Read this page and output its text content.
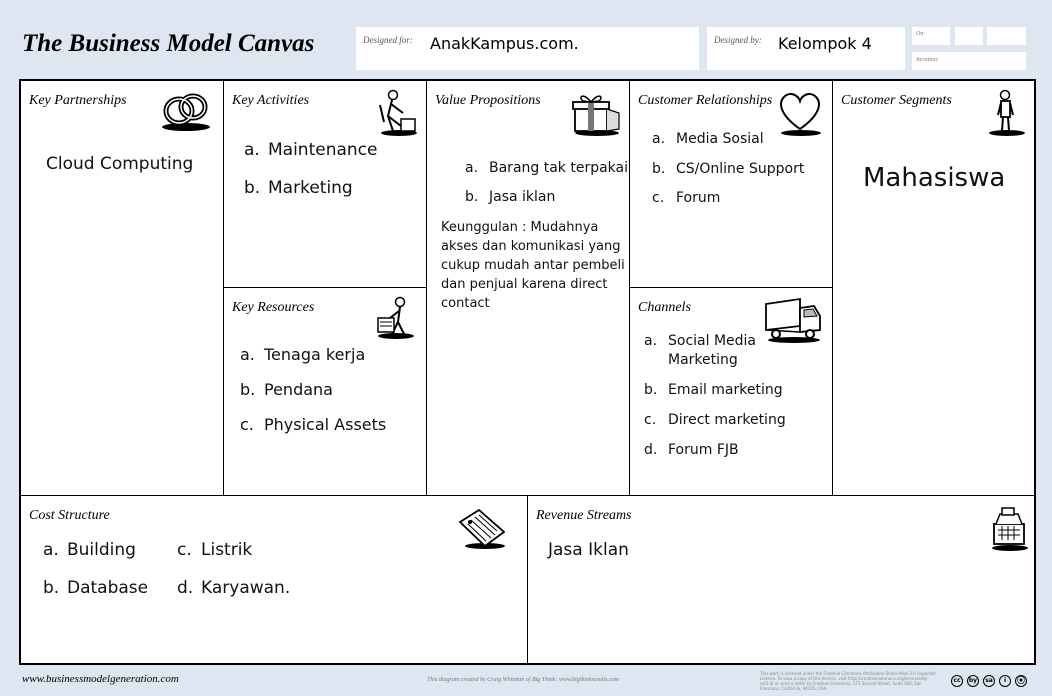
The Business Model Canvas	Designed for: AnakKampus.com.	Designed by: Kelompok 4	On:
Iteration:
Key Partnerships
Cloud Computing
Key Activities
a. Maintenance
b. Marketing
Key Resources
a. Tenaga kerja
b. Pendana
c. Physical Assets
Value Propositions
a. Barang tak terpakai
b. Jasa iklan
Keunggulan : Mudahnya akses dan komunikasi yang cukup mudah antar pembeli dan penjual karena direct contact
Customer Relationships
a. Media Sosial
b. CS/Online Support
c. Forum
Channels
a. Social Media Marketing
b. Email marketing
c. Direct marketing
d. Forum FJB
Customer Segments
Mahasiswa
Cost Structure
a. Building
b. Database
c. Listrik
d. Karyawan.
Revenue Streams
Jasa Iklan
www.businessmodelgeneration.com	This diagram created by Craig Whitman of Big Think: www.bigthinkresults.com
This work is licensed under the Creative Commons Attribution-Share Alike 3.0 Unported License. To view a copy of this license, visit http://creativecommons.org/licenses/by-sa/3.0/ or send a letter to Creative Commons, 171 Second Street, Suite 300, San Francisco, California, 94105, USA.
cc	by	sa	i	⦿
